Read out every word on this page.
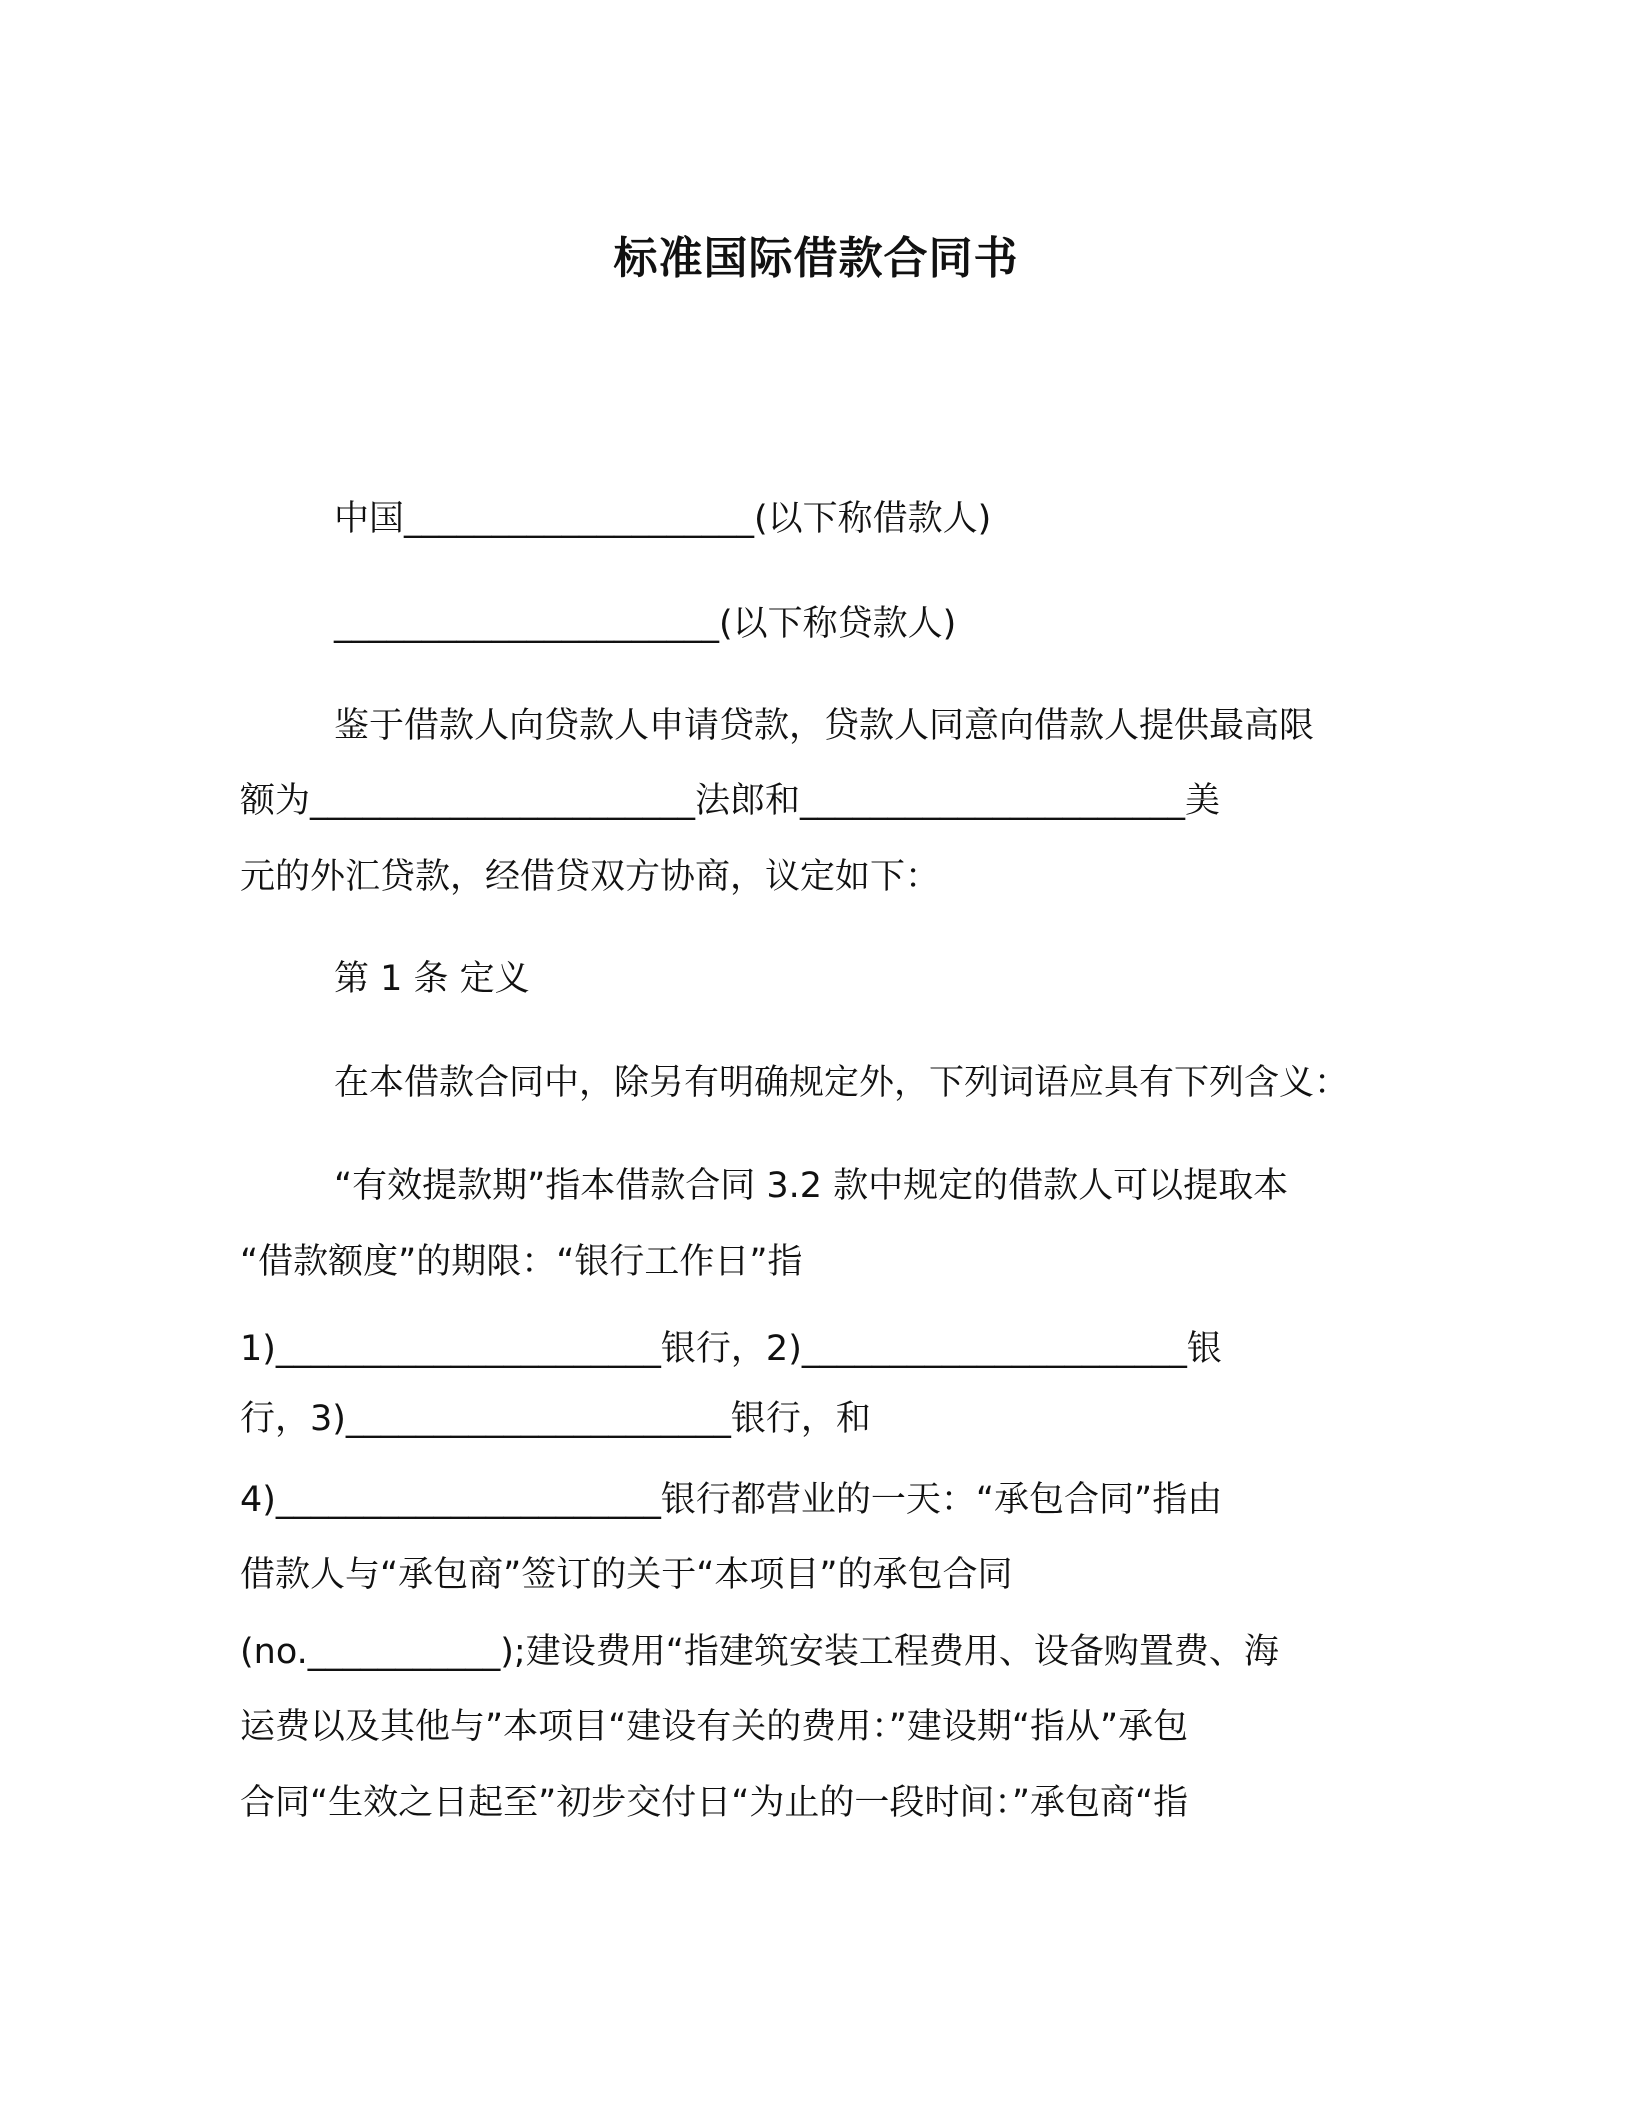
标准国际借款合同书
中国____________________(以下称借款人)
______________________(以下称贷款人)
鉴于借款人向贷款人申请贷款，贷款人同意向借款人提供最高限
额为______________________法郎和______________________美
元的外汇贷款，经借贷双方协商，议定如下：
第 1 条 定义
在本借款合同中，除另有明确规定外，下列词语应具有下列含义：
“有效提款期”指本借款合同 3.2 款中规定的借款人可以提取本
“借款额度”的期限：“银行工作日”指
1)______________________银行，2)______________________银
行，3)______________________银行，和
4)______________________银行都营业的一天：“承包合同”指由
借款人与“承包商”签订的关于“本项目”的承包合同
(no.___________);建设费用“指建筑安装工程费用、设备购置费、海
运费以及其他与”本项目“建设有关的费用：”建设期“指从”承包
合同“生效之日起至”初步交付日“为止的一段时间：”承包商“指
